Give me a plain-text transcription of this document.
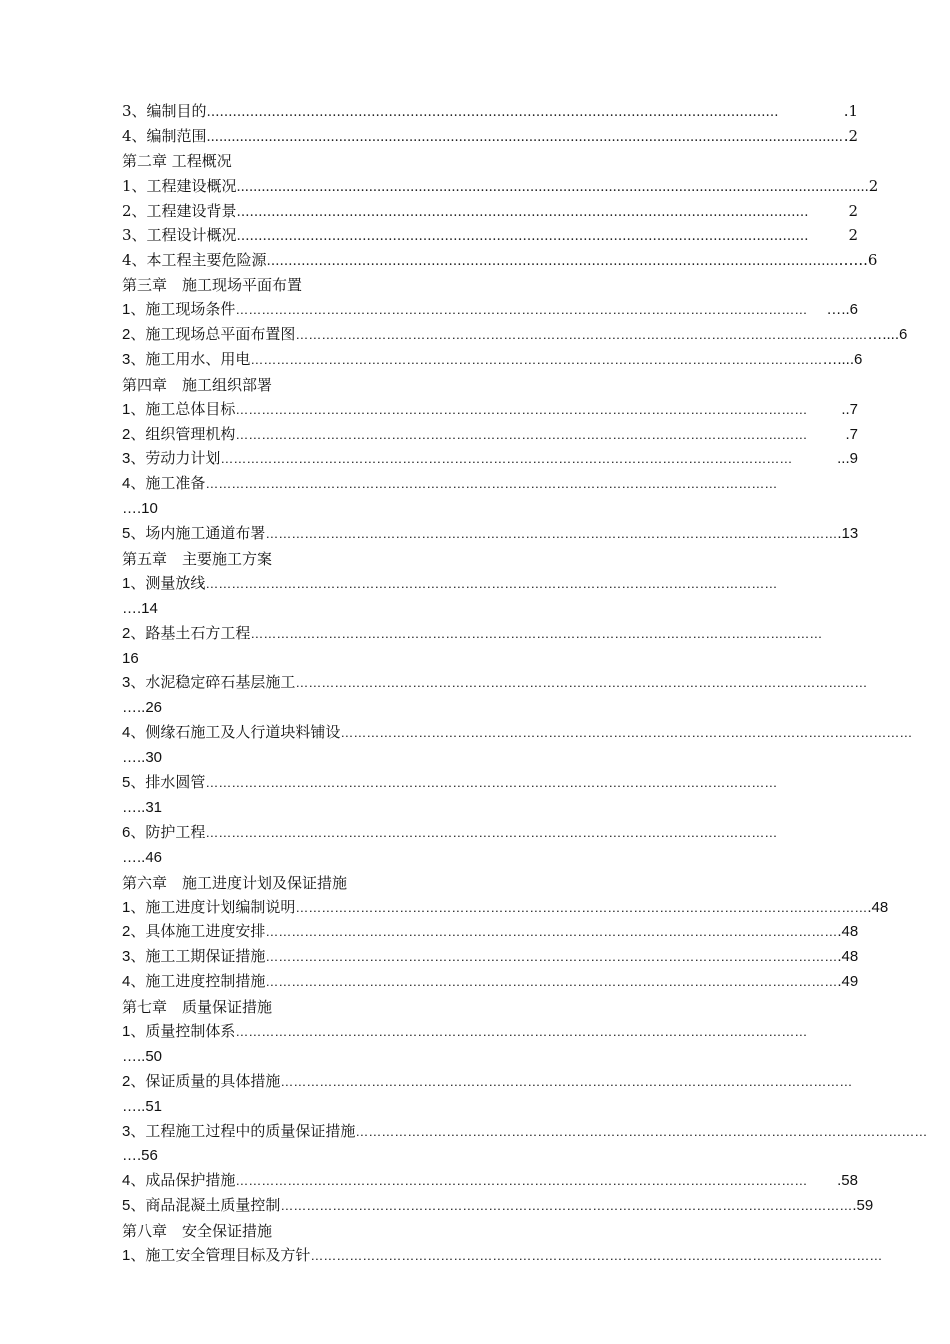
3、编制目的 ……………………………………………………………………………………………………………………	.1
4、编制范围 .......................................................................................................................................................... .2
第二章 工程概况
1、工程建设概况 ......................................................................................................................................................... 2
2、工程建设背景 ……………………………………………………………………………………………………………………	2
3、工程设计概况 ……………………………………………………………………………………………………………………	2
4、本工程主要危险源 …………………………………………………………………………………………………………………… …...6
第三章　施工现场平面布置
1、施工现场条件 ……………………………………………………………………………………………………………………	…..6
2、施工现场总平面布置图 …………………………………………………………………………………………………………………… …....6
3、施工用水、用电 …………………………………………………………………………………………………………………… …....6
第四章　施工组织部署
1、施工总体目标 ……………………………………………………………………………………………………………………	..7
2、组织管理机构 ……………………………………………………………………………………………………………………	.7
3、劳动力计划 ……………………………………………………………………………………………………………………	...9
4、施工准备 ……………………………………………………………………………………………………………………
….10
5、场内施工通道布署 …………………………………………………………………………………………………………………… .13
第五章　主要施工方案
1、测量放线 ……………………………………………………………………………………………………………………
….14
2、路基土石方工程 ……………………………………………………………………………………………………………………
16
3、水泥稳定碎石基层施工 ……………………………………………………………………………………………………………………
…..26
4、侧缘石施工及人行道块料铺设 ……………………………………………………………………………………………………………………
…..30
5、排水圆管 ……………………………………………………………………………………………………………………
…..31
6、防护工程 ……………………………………………………………………………………………………………………
…..46
第六章　施工进度计划及保证措施
1、施工进度计划编制说明 …………………………………………………………………………………………………………………… .48
2、具体施工进度安排 …………………………………………………………………………………………………………………… .48
3、施工工期保证措施 …………………………………………………………………………………………………………………… .48
4、施工进度控制措施 …………………………………………………………………………………………………………………… .49
第七章　质量保证措施
1、质量控制体系 ……………………………………………………………………………………………………………………
…..50
2、保证质量的具体措施 ……………………………………………………………………………………………………………………
…..51
3、工程施工过程中的质量保证措施 ……………………………………………………………………………………………………………………
….56
4、成品保护措施 ……………………………………………………………………………………………………………………	.58
5、商品混凝土质量控制 …………………………………………………………………………………………………………………… .59
第八章　安全保证措施
1、施工安全管理目标及方针 ……………………………………………………………………………………………………………………
